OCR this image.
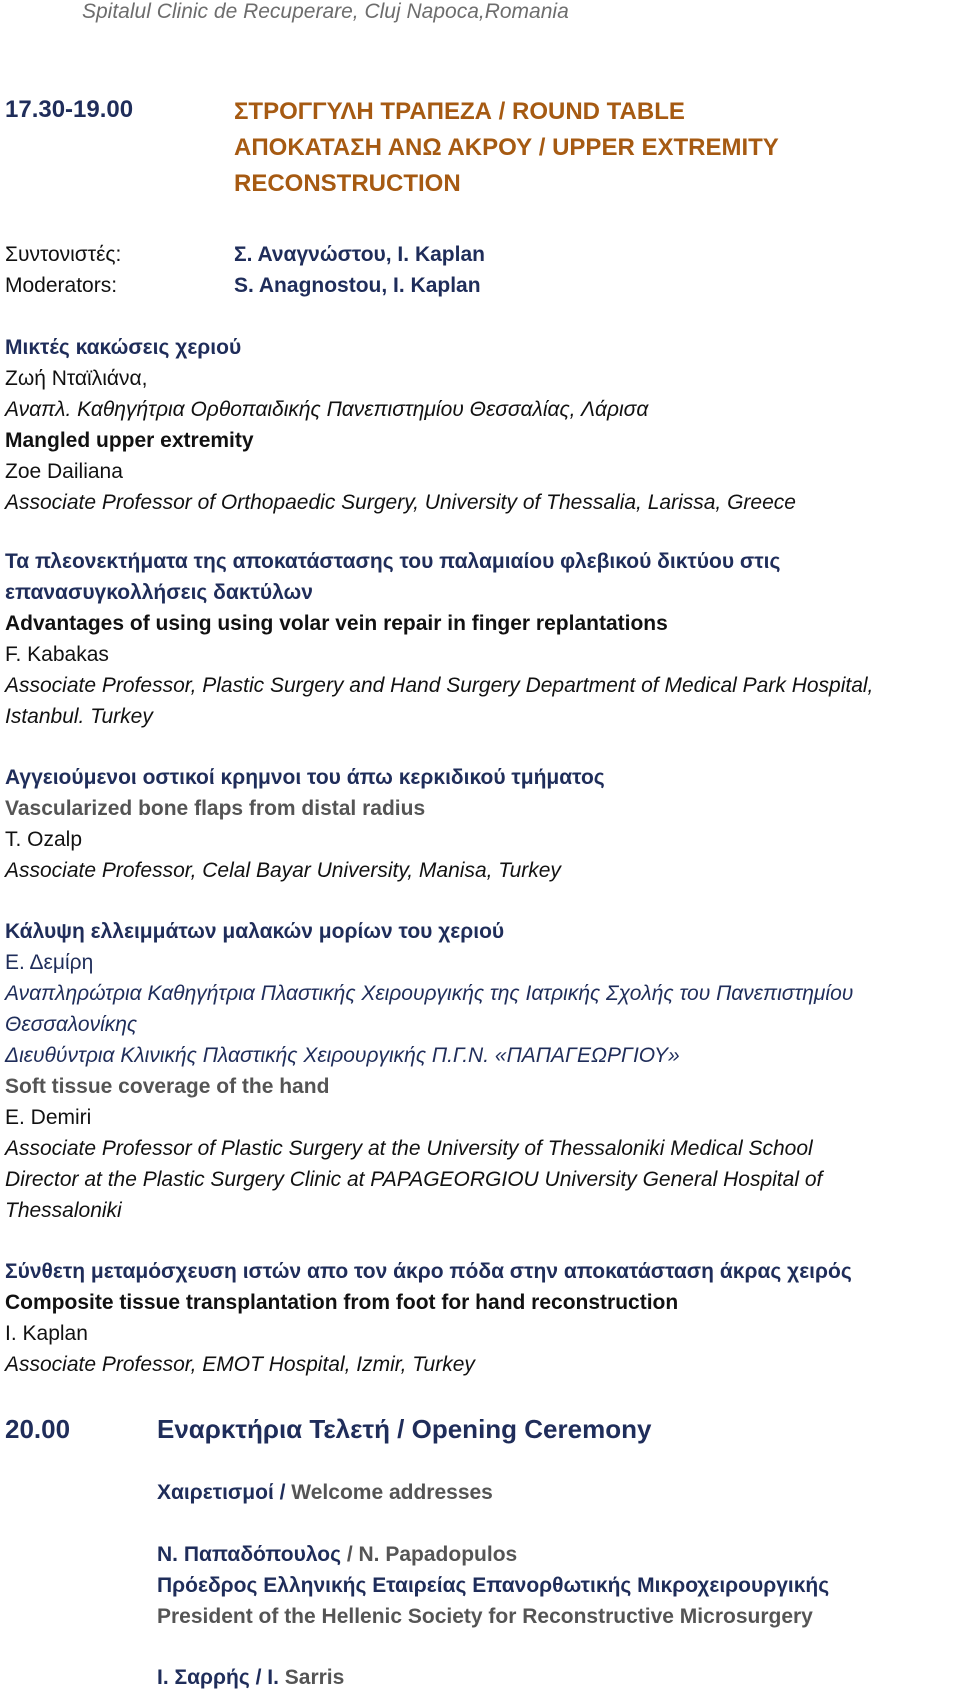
Spitalul Clinic de Recuperare, Cluj Napoca,Romania
17.30-19.00	ΣΤΡΟΓΓΥΛΗ ΤΡΑΠΕΖΑ / ROUND TABLE
ΑΠΟΚΑΤΑΣΗ ΑΝΩ ΑΚΡΟΥ / UPPER EXTREMITY
RECONSTRUCTION
Συντονιστές:	Σ. Αναγνώστου, I. Kaplan
Moderators:	S. Anagnostou, I. Kaplan
Μικτές κακώσεις χεριού
Ζωή Νταϊλιάνα,
Αναπλ. Καθηγήτρια Ορθοπαιδικής Πανεπιστημίου Θεσσαλίας, Λάρισα
Mangled upper extremity
Zoe Dailiana
Associate Professor of Orthopaedic Surgery, University of Thessalia, Larissa, Greece
Τα πλεονεκτήματα της αποκατάστασης του παλαμιαίου φλεβικού δικτύου στις
επανασυγκολλήσεις δακτύλων
Advantages of using using volar vein repair in finger replantations
F. Kabakas
Associate Professor, Plastic Surgery and Hand Surgery Department of Medical Park Hospital,
Istanbul. Turkey
Αγγειούμενοι οστικοί κρημνοι του άπω κερκιδικού τμήματος
Vascularized bone flaps from distal radius
T. Ozalp
Associate Professor, Celal Bayar University, Manisa, Turkey
Κάλυψη ελλειμμάτων μαλακών μορίων του χεριού
Ε. Δεμίρη
Αναπληρώτρια Καθηγήτρια Πλαστικής Χειρουργικής της Ιατρικής Σχολής του Πανεπιστημίου
Θεσσαλονίκης
Διευθύντρια Κλινικής Πλαστικής Χειρουργικής Π.Γ.Ν. «ΠΑΠΑΓΕΩΡΓΙΟΥ»
Soft tissue coverage of the hand
E. Demiri
Associate Professor of Plastic Surgery at the University of Thessaloniki Medical School
Director at the Plastic Surgery Clinic at PAPAGEORGIOU University General Hospital of
Thessaloniki
Σύνθετη μεταμόσχευση ιστών απο τον άκρο πόδα στην αποκατάσταση άκρας χειρός
Composite tissue transplantation from foot for hand reconstruction
I. Kaplan
Associate Professor, EMOT Hospital, Izmir, Turkey
20.00	Εναρκτήρια Τελετή / Opening Ceremony
Χαιρετισμοί / Welcome addresses
Ν. Παπαδόπουλος / N. Papadopulos
Πρόεδρος Ελληνικής Εταιρείας Επανορθωτικής Μικροχειρουργικής
President of the Hellenic Society for Reconstructive Microsurgery
Ι. Σαρρής / I. Sarris
